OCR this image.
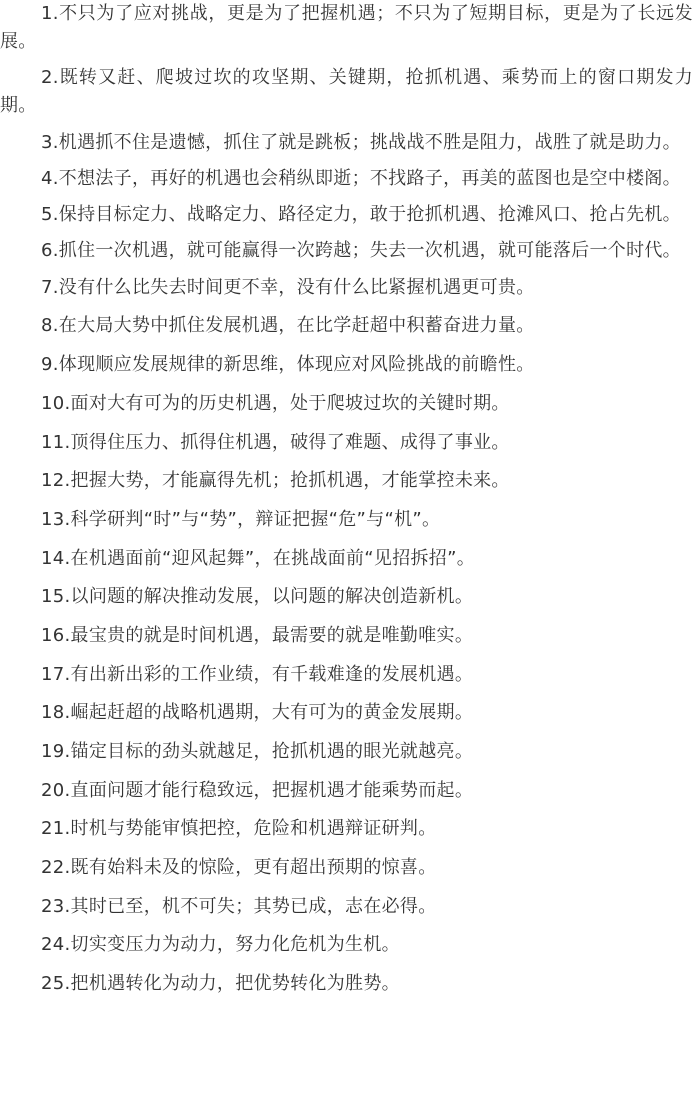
1.不只为了应对挑战，更是为了把握机遇；不只为了短期目标，更是为了长远发展。

2.既转又赶、爬坡过坎的攻坚期、关键期，抢抓机遇、乘势而上的窗口期发力期。

3.机遇抓不住是遗憾，抓住了就是跳板；挑战战不胜是阻力，战胜了就是助力。

4.不想法子，再好的机遇也会稍纵即逝；不找路子，再美的蓝图也是空中楼阁。

5.保持目标定力、战略定力、路径定力，敢于抢抓机遇、抢滩风口、抢占先机。

6.抓住一次机遇，就可能赢得一次跨越；失去一次机遇，就可能落后一个时代。

7.没有什么比失去时间更不幸，没有什么比紧握机遇更可贵。

8.在大局大势中抓住发展机遇，在比学赶超中积蓄奋进力量。

9.体现顺应发展规律的新思维，体现应对风险挑战的前瞻性。

10.面对大有可为的历史机遇，处于爬坡过坎的关键时期。

11.顶得住压力、抓得住机遇，破得了难题、成得了事业。

12.把握大势，才能赢得先机；抢抓机遇，才能掌控未来。

13.科学研判“时”与“势”，辩证把握“危”与“机”。

14.在机遇面前“迎风起舞”，在挑战面前“见招拆招”。

15.以问题的解决推动发展，以问题的解决创造新机。

16.最宝贵的就是时间机遇，最需要的就是唯勤唯实。

17.有出新出彩的工作业绩，有千载难逢的发展机遇。

18.崛起赶超的战略机遇期，大有可为的黄金发展期。

19.锚定目标的劲头就越足，抢抓机遇的眼光就越亮。

20.直面问题才能行稳致远，把握机遇才能乘势而起。

21.时机与势能审慎把控，危险和机遇辩证研判。

22.既有始料未及的惊险，更有超出预期的惊喜。

23.其时已至，机不可失；其势已成，志在必得。

24.切实变压力为动力，努力化危机为生机。

25.把机遇转化为动力，把优势转化为胜势。
